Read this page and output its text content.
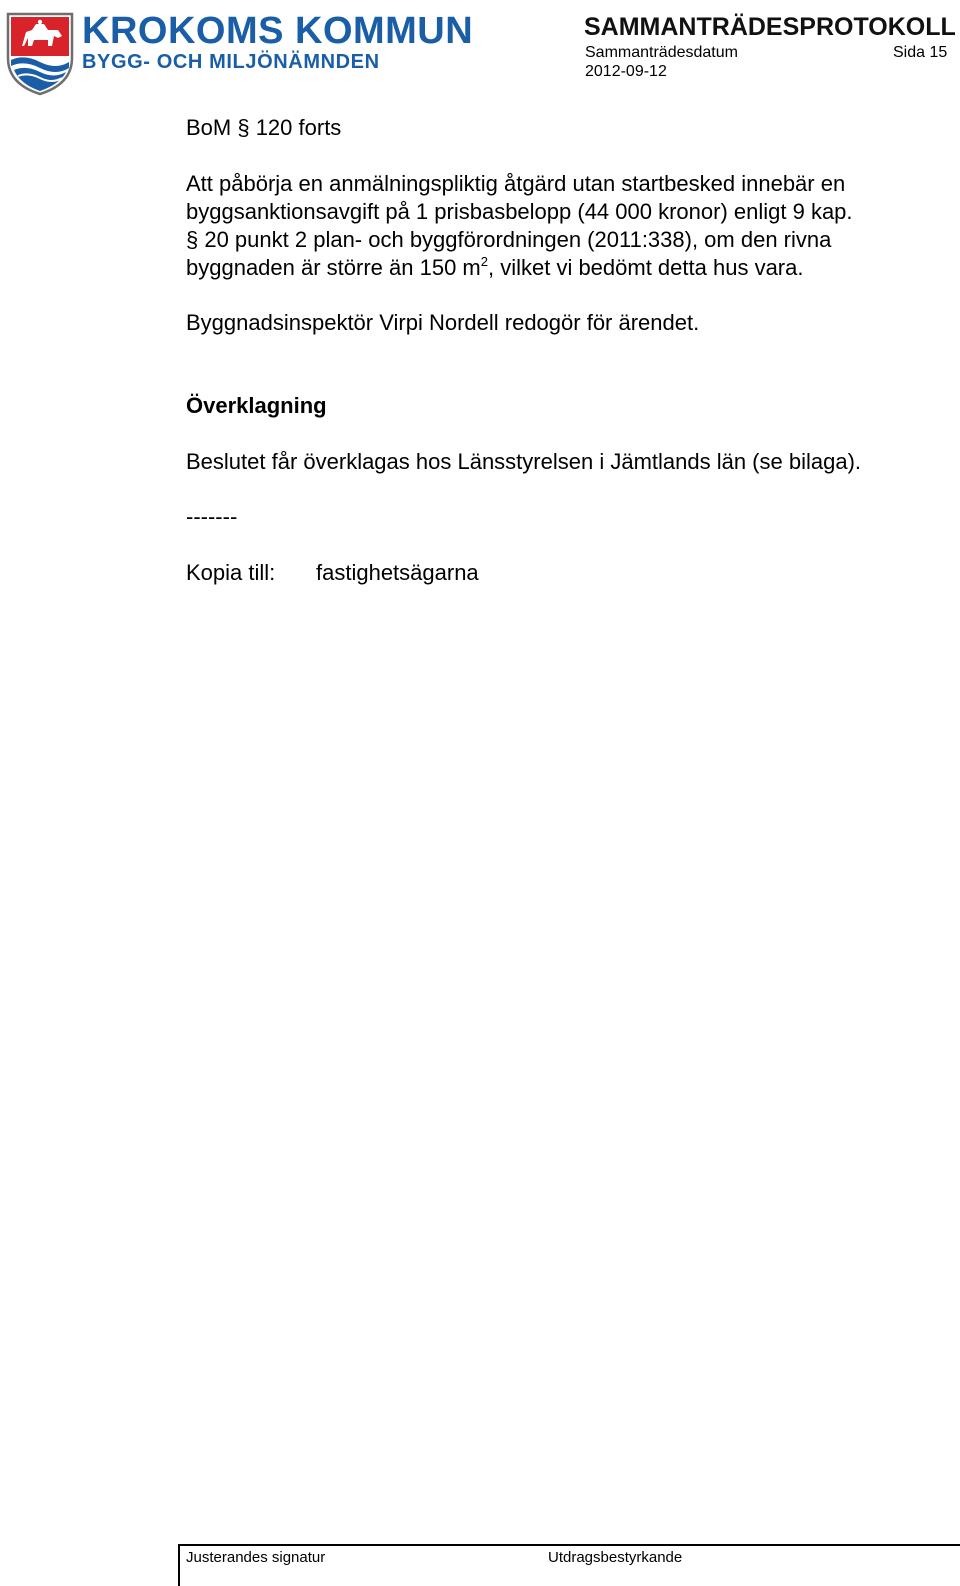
KROKOMS KOMMUN
BYGG- OCH MILJÖNÄMNDEN
SAMMANTRÄDESPROTOKOLL
Sammanträdesdatum	Sida 15
2012-09-12
BoM § 120 forts
Att påbörja en anmälningspliktig åtgärd utan startbesked innebär en
byggsanktionsavgift på 1 prisbasbelopp (44 000 kronor) enligt 9 kap.
§ 20 punkt 2 plan- och byggförordningen (2011:338), om den rivna
byggnaden är större än 150 $m^2$, vilket vi bedömt detta hus vara.
Byggnadsinspektör Virpi Nordell redogör för ärendet.
Överklagning
Beslutet får överklagas hos Länsstyrelsen i Jämtlands län (se bilaga).
-------
Kopia till: fastighetsägarna
Justerandes signatur	Utdragsbestyrkande
